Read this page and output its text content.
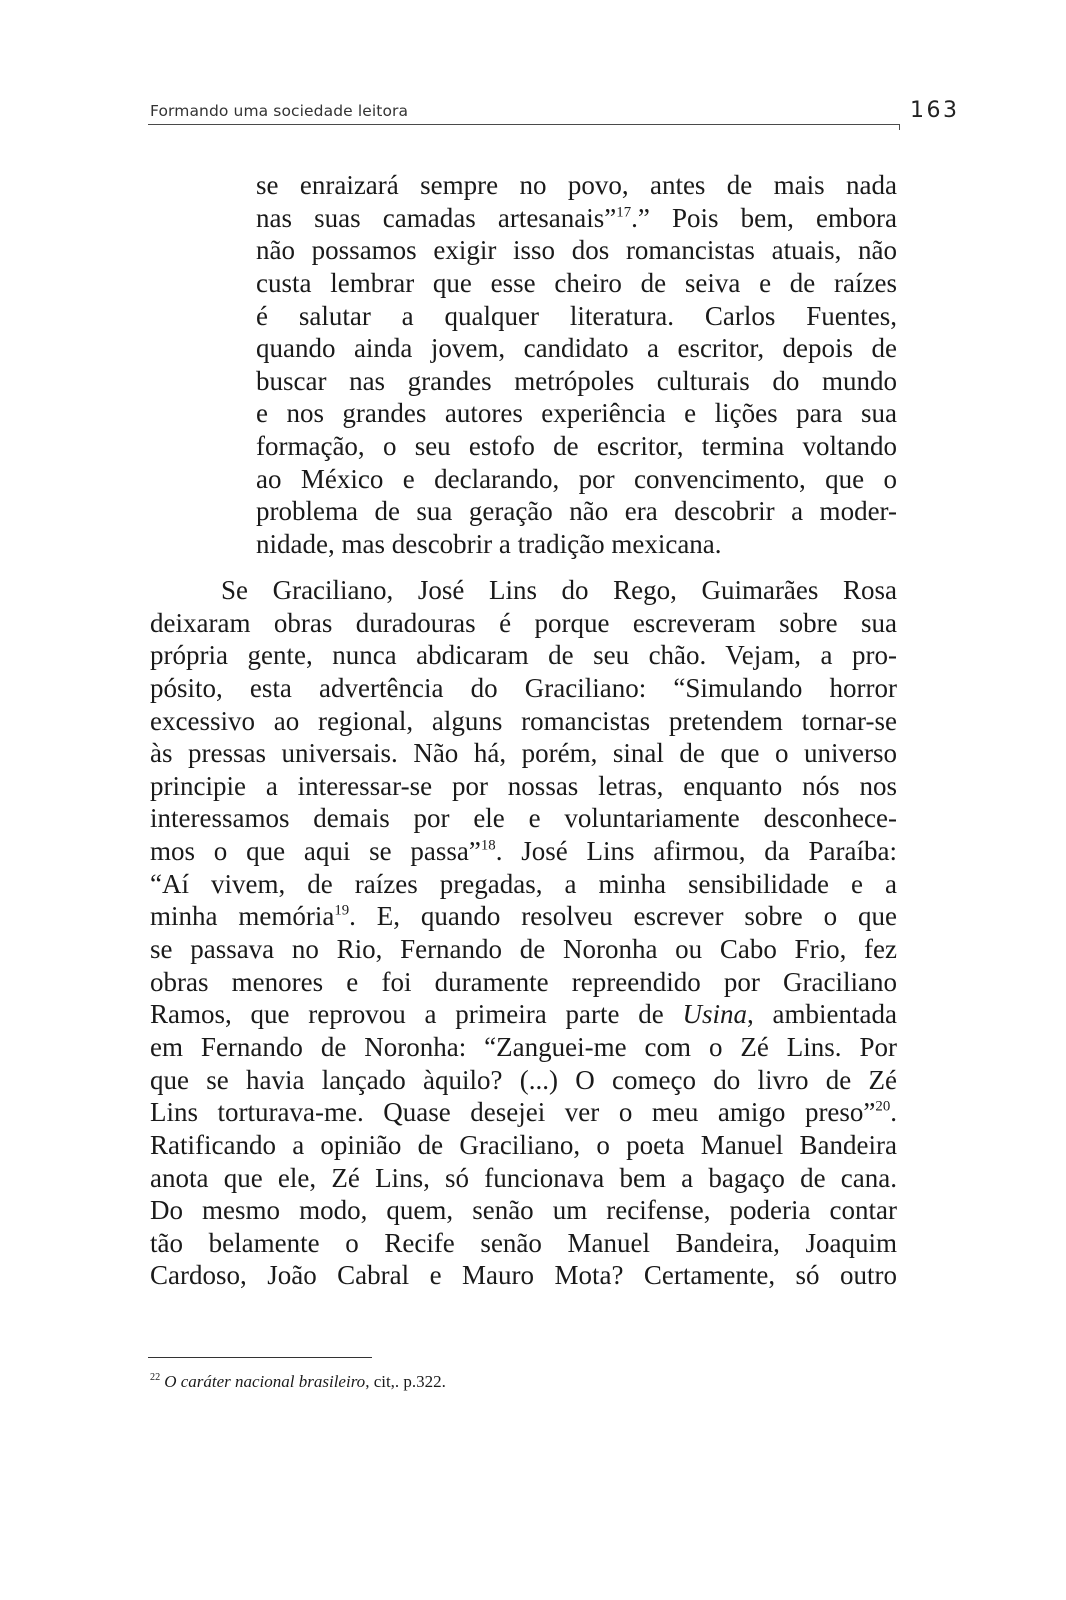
Formando uma sociedade leitora	163
se enraizará sempre no povo, antes de mais nada
nas suas camadas artesanais”$^{17}$.” Pois bem, embora
não possamos exigir isso dos romancistas atuais, não
custa lembrar que esse cheiro de seiva e de raízes
é salutar a qualquer literatura. Carlos Fuentes,
quando ainda jovem, candidato a escritor, depois de
buscar nas grandes metrópoles culturais do mundo
e nos grandes autores experiência e lições para sua
formação, o seu estofo de escritor, termina voltando
ao México e declarando, por convencimento, que o
problema de sua geração não era descobrir a moder-
nidade, mas descobrir a tradição mexicana.
Se Graciliano, José Lins do Rego, Guimarães Rosa
deixaram obras duradouras é porque escreveram sobre sua
própria gente, nunca abdicaram de seu chão. Vejam, a pro-
pósito, esta advertência do Graciliano: “Simulando horror
excessivo ao regional, alguns romancistas pretendem tornar-se
às pressas universais. Não há, porém, sinal de que o universo
principie a interessar-se por nossas letras, enquanto nós nos
interessamos demais por ele e voluntariamente desconhece-
mos o que aqui se passa”$^{18}$. José Lins afirmou, da Paraíba:
“Aí vivem, de raízes pregadas, a minha sensibilidade e a
minha memória$^{19}$. E, quando resolveu escrever sobre o que
se passava no Rio, Fernando de Noronha ou Cabo Frio, fez
obras menores e foi duramente repreendido por Graciliano
Ramos, que reprovou a primeira parte de Usina, ambientada
em Fernando de Noronha: “Zanguei-me com o Zé Lins. Por
que se havia lançado àquilo? (...) O começo do livro de Zé
Lins torturava-me. Quase desejei ver o meu amigo preso”$^{20}$.
Ratificando a opinião de Graciliano, o poeta Manuel Bandeira
anota que ele, Zé Lins, só funcionava bem a bagaço de cana.
Do mesmo modo, quem, senão um recifense, poderia contar
tão belamente o Recife senão Manuel Bandeira, Joaquim
Cardoso, João Cabral e Mauro Mota? Certamente, só outro
$^{22}$ O caráter nacional brasileiro, cit,. p.322.
